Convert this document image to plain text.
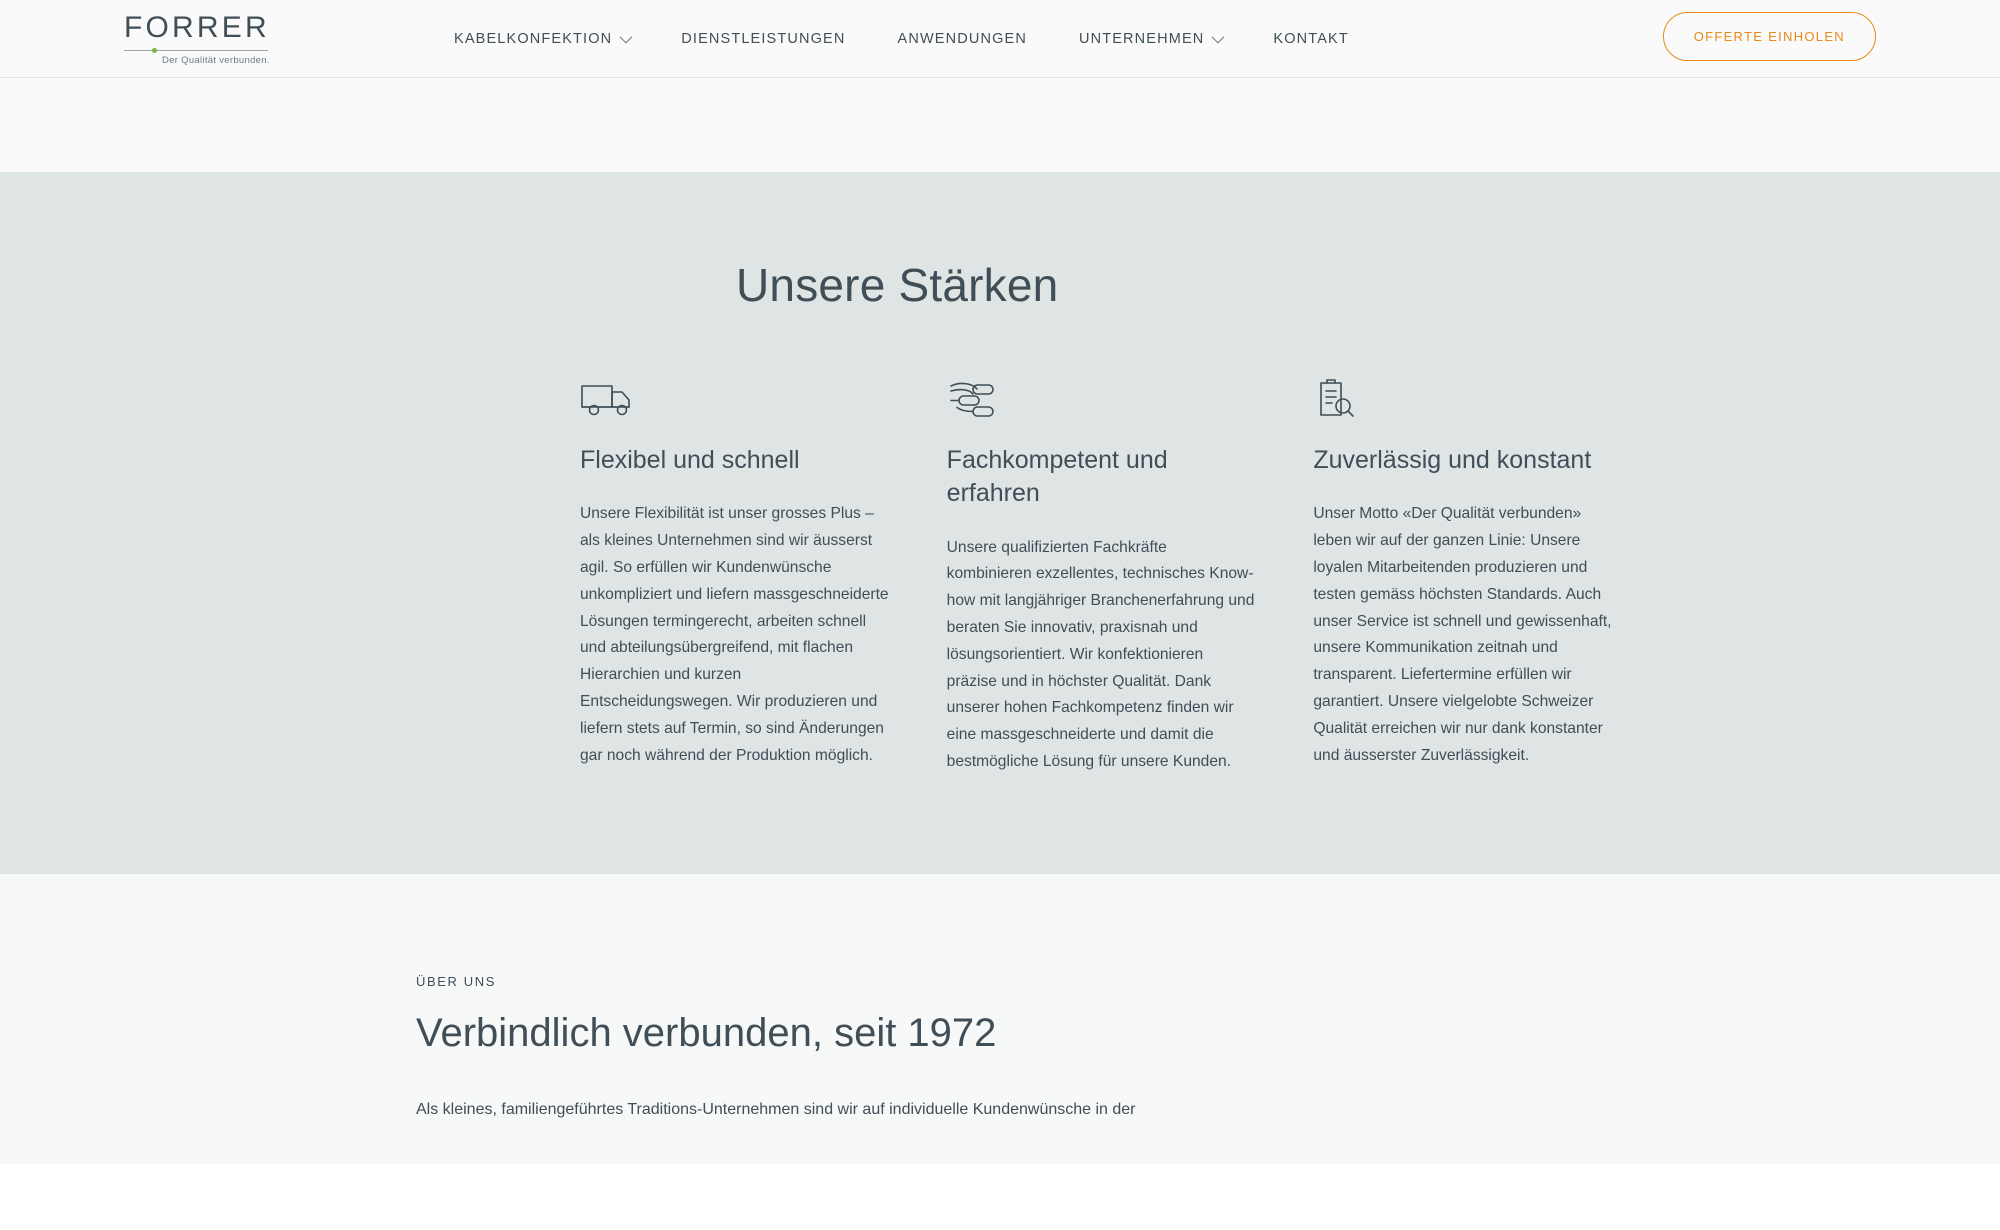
FORRER
Der Qualität verbunden.
KABELKONFEKTION	DIENSTLEISTUNGEN	ANWENDUNGEN	UNTERNEHMEN	KONTAKT	OFFERTE EINHOLEN
Unsere Stärken
Flexibel und schnell

Unsere Flexibilität ist unser grosses Plus – als kleines Unternehmen sind wir äusserst agil. So erfüllen wir Kundenwünsche unkompliziert und liefern massgeschneiderte Lösungen termingerecht, arbeiten schnell und abteilungsübergreifend, mit flachen Hierarchien und kurzen Entscheidungswegen. Wir produzieren und liefern stets auf Termin, so sind Änderungen gar noch während der Produktion möglich.

Fachkompetent und erfahren

Unsere qualifizierten Fachkräfte kombinieren exzellentes, technisches Know-how mit langjähriger Branchenerfahrung und beraten Sie innovativ, praxisnah und lösungsorientiert. Wir konfektionieren präzise und in höchster Qualität. Dank unserer hohen Fachkompetenz finden wir eine massgeschneiderte und damit die bestmögliche Lösung für unsere Kunden.

Zuverlässig und konstant

Unser Motto «Der Qualität verbunden» leben wir auf der ganzen Linie: Unsere loyalen Mitarbeitenden produzieren und testen gemäss höchsten Standards. Auch unser Service ist schnell und gewissenhaft, unsere Kommunikation zeitnah und transparent. Liefertermine erfüllen wir garantiert. Unsere vielgelobte Schweizer Qualität erreichen wir nur dank konstanter und äusserster Zuverlässigkeit.

ÜBER UNS
Verbindlich verbunden, seit 1972

Als kleines, familiengeführtes Traditions-Unternehmen sind wir auf individuelle Kundenwünsche in der
